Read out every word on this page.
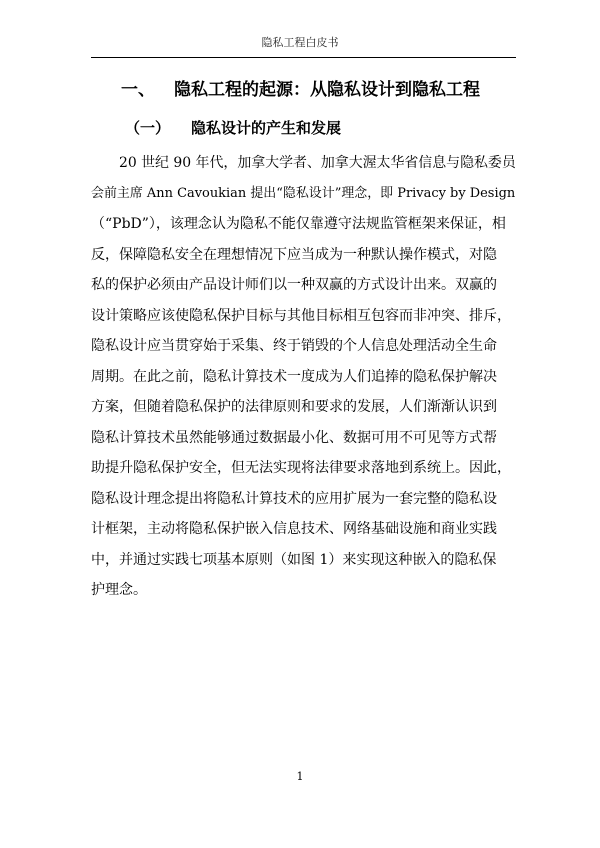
隐私工程白皮书
一、 隐私工程的起源：从隐私设计到隐私工程
（一） 隐私设计的产生和发展
20 世纪 90 年代，加拿大学者、加拿大渥太华省信息与隐私委员
会前主席 Ann Cavoukian 提出“隐私设计”理念，即 Privacy by Design
（“PbD”），该理念认为隐私不能仅靠遵守法规监管框架来保证，相
反，保障隐私安全在理想情况下应当成为一种默认操作模式，对隐
私的保护必须由产品设计师们以一种双赢的方式设计出来。双赢的
设计策略应该使隐私保护目标与其他目标相互包容而非冲突、排斥，
隐私设计应当贯穿始于采集、终于销毁的个人信息处理活动全生命
周期。在此之前，隐私计算技术一度成为人们追捧的隐私保护解决
方案，但随着隐私保护的法律原则和要求的发展，人们渐渐认识到
隐私计算技术虽然能够通过数据最小化、数据可用不可见等方式帮
助提升隐私保护安全，但无法实现将法律要求落地到系统上。因此，
隐私设计理念提出将隐私计算技术的应用扩展为一套完整的隐私设
计框架，主动将隐私保护嵌入信息技术、网络基础设施和商业实践
中，并通过实践七项基本原则（如图 1）来实现这种嵌入的隐私保
护理念。
1
